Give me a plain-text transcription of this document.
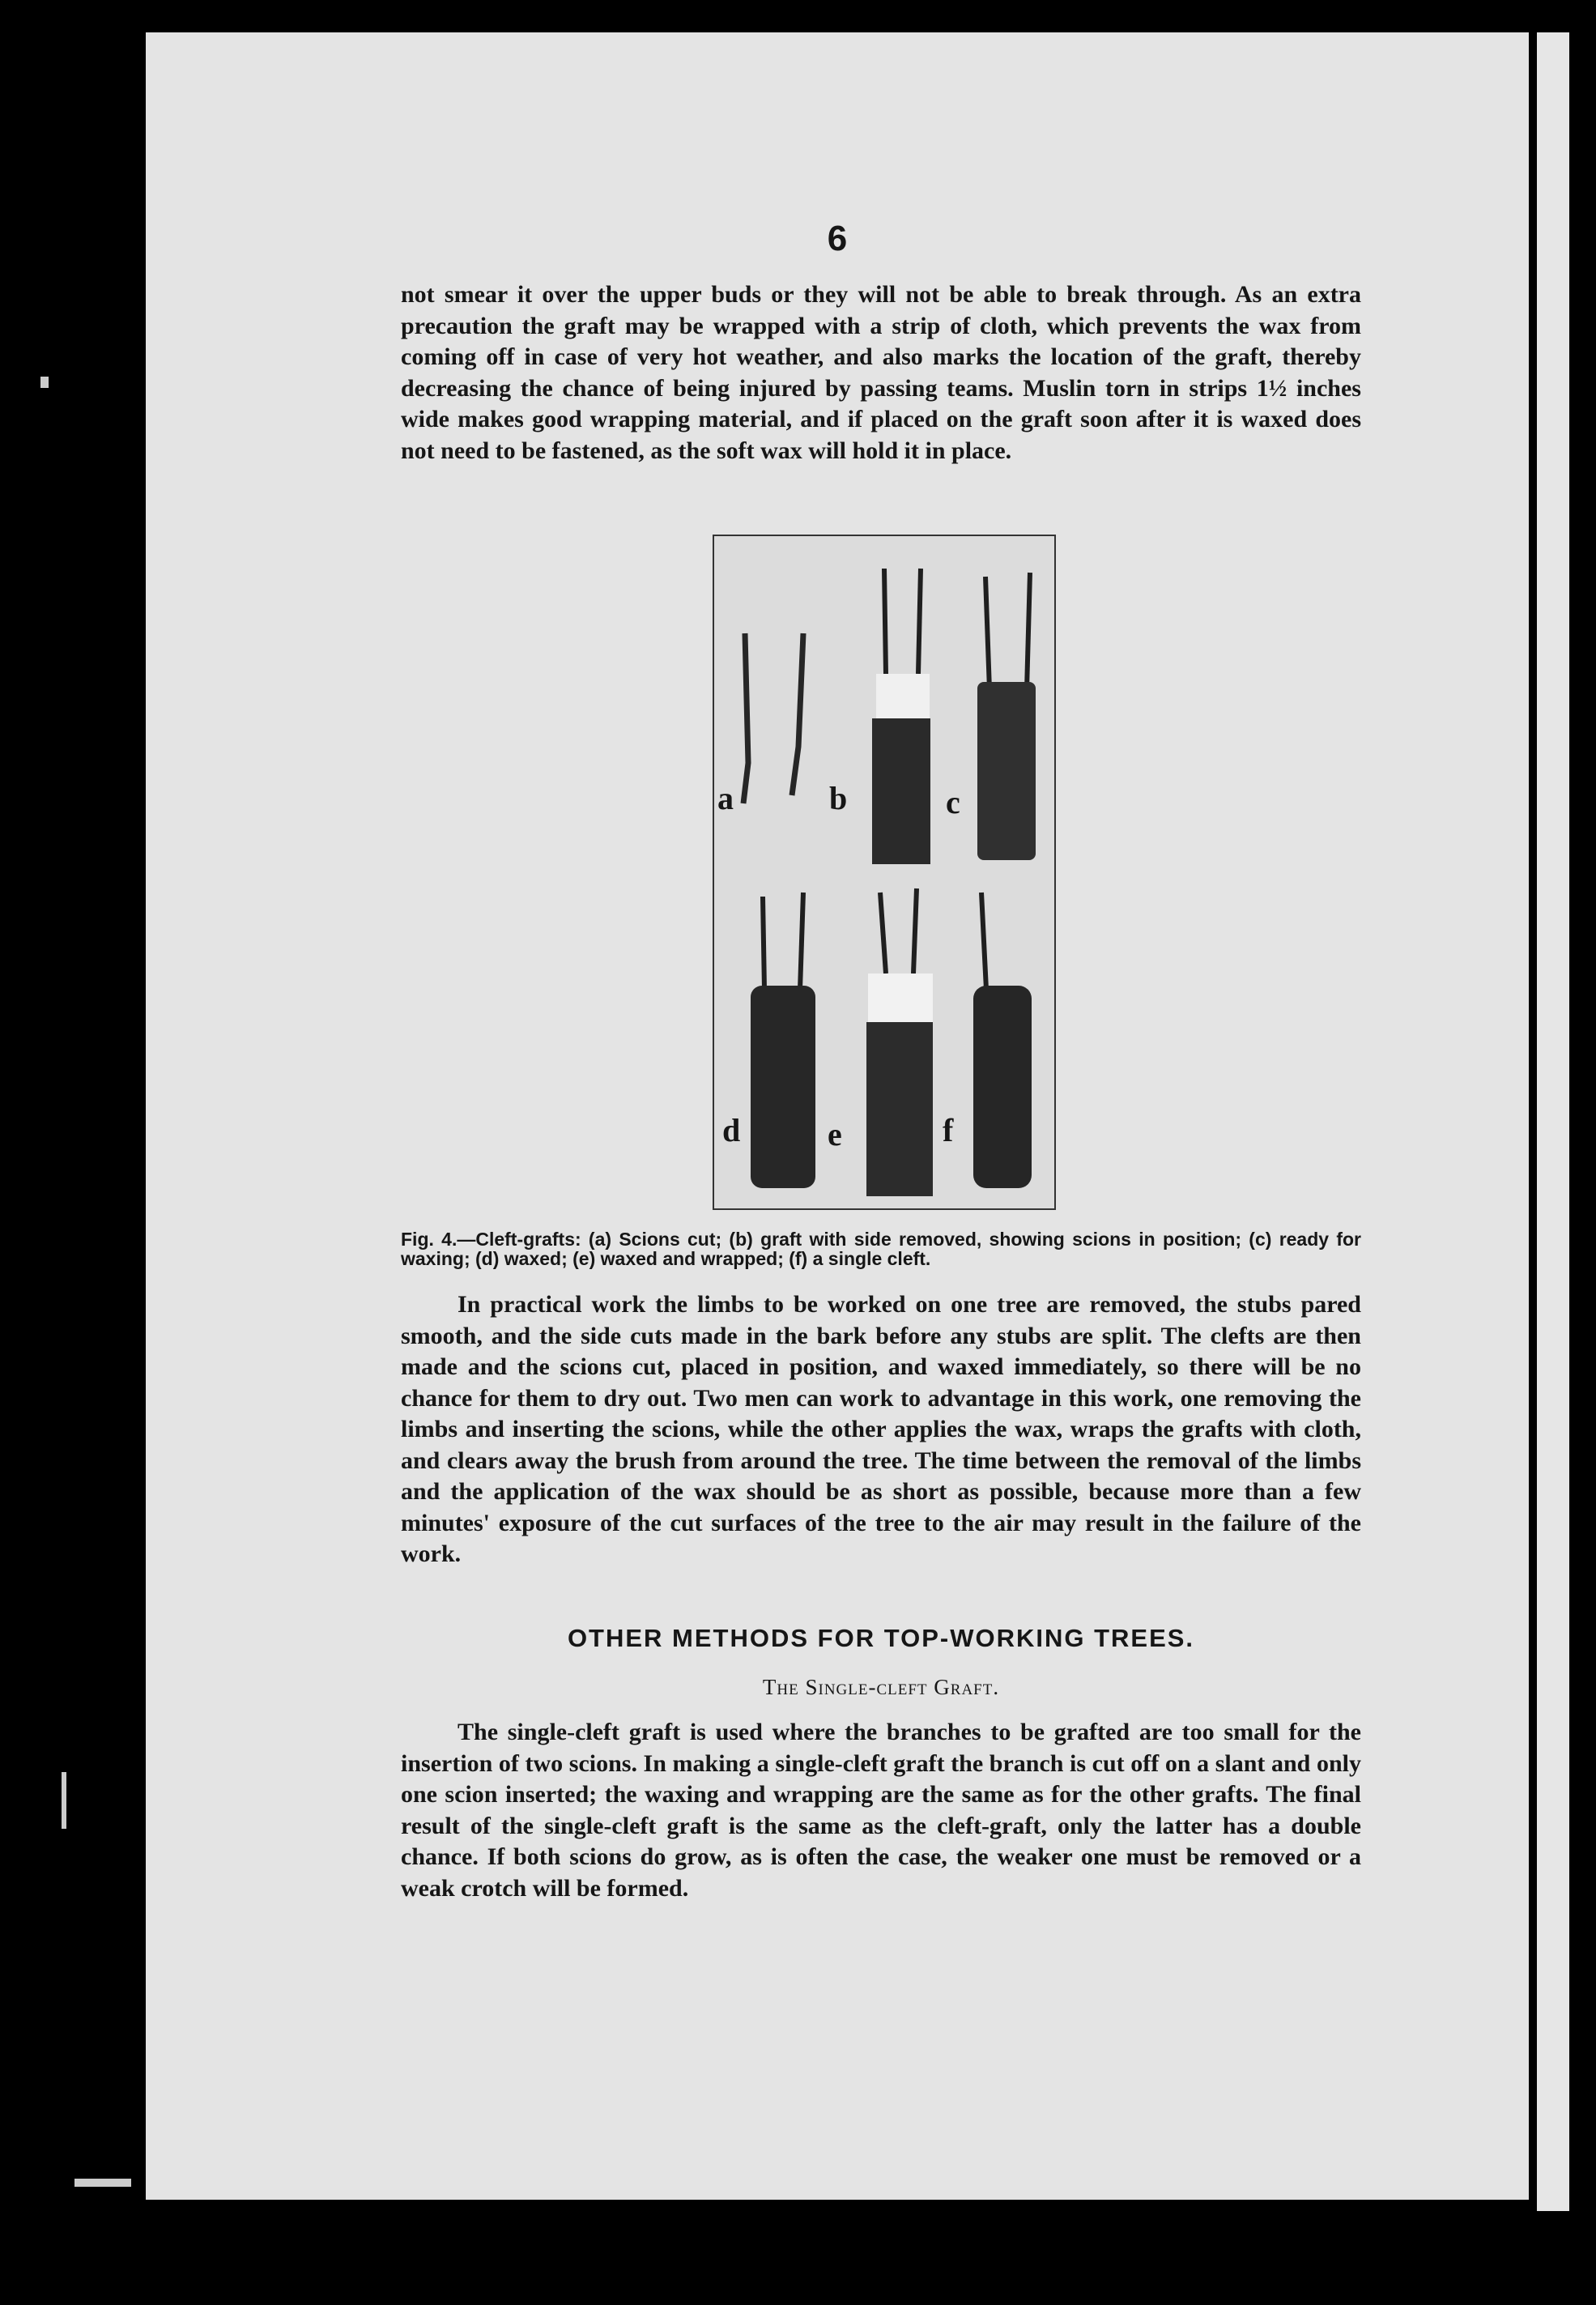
6

not smear it over the upper buds or they will not be able to break through. As an extra precaution the graft may be wrapped with a strip of cloth, which prevents the wax from coming off in case of very hot weather, and also marks the location of the graft, thereby decreasing the chance of being injured by passing teams. Muslin torn in strips 1½ inches wide makes good wrapping material, and if placed on the graft soon after it is waxed does not need to be fastened, as the soft wax will hold it in place.

a	b	c
d	e	f

Fig. 4.—Cleft-grafts: (a) Scions cut; (b) graft with side removed, showing scions in position; (c) ready for waxing; (d) waxed; (e) waxed and wrapped; (f) a single cleft.

In practical work the limbs to be worked on one tree are removed, the stubs pared smooth, and the side cuts made in the bark before any stubs are split. The clefts are then made and the scions cut, placed in position, and waxed immediately, so there will be no chance for them to dry out. Two men can work to advantage in this work, one removing the limbs and inserting the scions, while the other applies the wax, wraps the grafts with cloth, and clears away the brush from around the tree. The time between the removal of the limbs and the application of the wax should be as short as possible, because more than a few minutes' exposure of the cut surfaces of the tree to the air may result in the failure of the work.

OTHER METHODS FOR TOP-WORKING TREES.
The Single-cleft Graft.

The single-cleft graft is used where the branches to be grafted are too small for the insertion of two scions. In making a single-cleft graft the branch is cut off on a slant and only one scion inserted; the waxing and wrapping are the same as for the other grafts. The final result of the single-cleft graft is the same as the cleft-graft, only the latter has a double chance. If both scions do grow, as is often the case, the weaker one must be removed or a weak crotch will be formed.
